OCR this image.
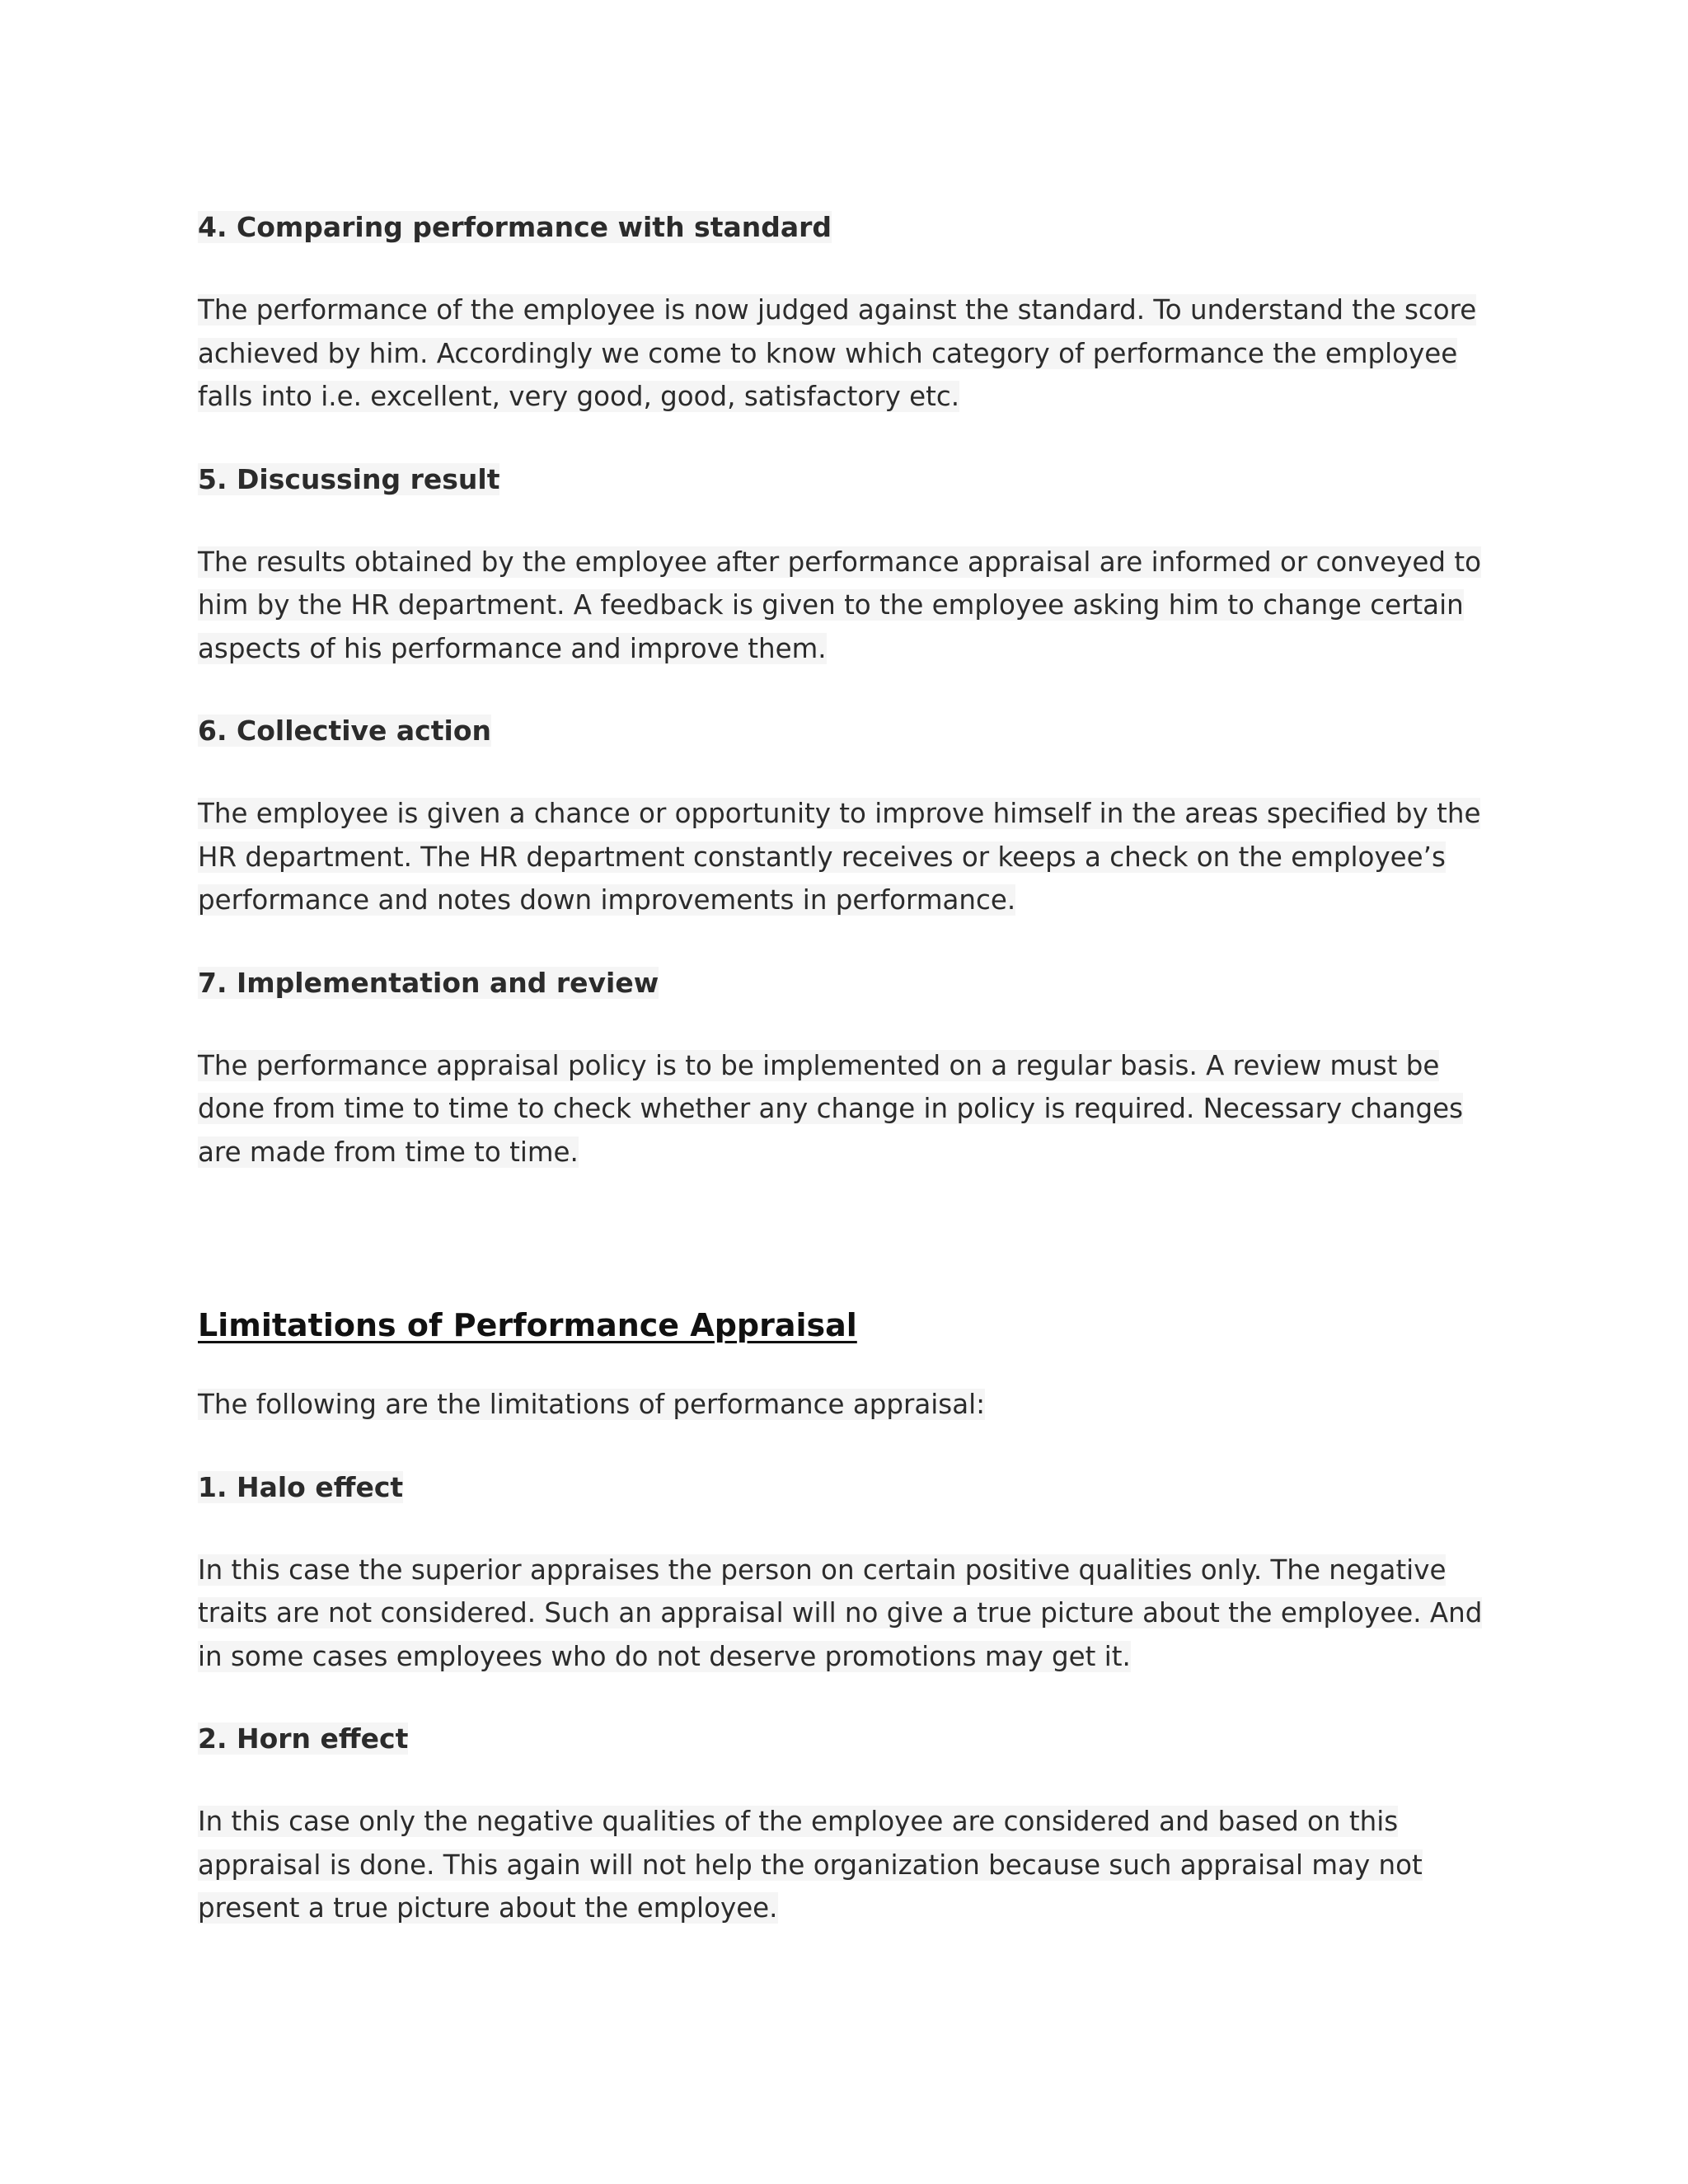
4. Comparing performance with standard
The performance of the employee is now judged against the standard. To understand the score achieved by him. Accordingly we come to know which category of performance the employee falls into i.e. excellent, very good, good, satisfactory etc.
5. Discussing result
The results obtained by the employee after performance appraisal are informed or conveyed to him by the HR department. A feedback is given to the employee asking him to change certain aspects of his performance and improve them.
6. Collective action
The employee is given a chance or opportunity to improve himself in the areas specified by the HR department. The HR department constantly receives or keeps a check on the employee’s performance and notes down improvements in performance.
7. Implementation and review
The performance appraisal policy is to be implemented on a regular basis. A review must be done from time to time to check whether any change in policy is required. Necessary changes are made from time to time.
Limitations of Performance Appraisal
The following are the limitations of performance appraisal:
1. Halo effect
In this case the superior appraises the person on certain positive qualities only. The negative traits are not considered. Such an appraisal will no give a true picture about the employee. And in some cases employees who do not deserve promotions may get it.
2. Horn effect
In this case only the negative qualities of the employee are considered and based on this appraisal is done. This again will not help the organization because such appraisal may not present a true picture about the employee.
